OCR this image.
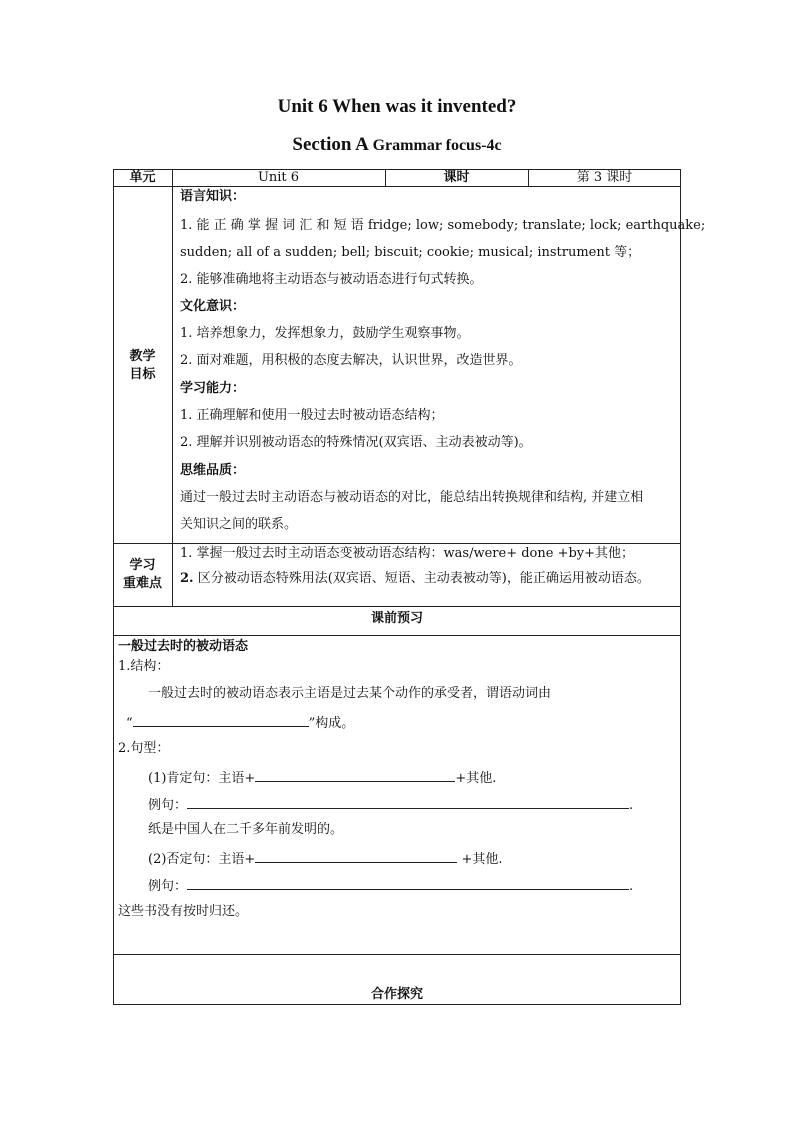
Unit 6 When was it invented?
Section A Grammar focus-4c
单元	Unit 6	课时	第 3 课时
教学
目标
语言知识：
1. 能 正 确 掌 握 词 汇 和 短 语 fridge; low; somebody; translate; lock; earthquake;
sudden; all of a sudden; bell; biscuit; cookie; musical; instrument 等；
2. 能够准确地将主动语态与被动语态进行句式转换。
文化意识：
1. 培养想象力，发挥想象力，鼓励学生观察事物。
2. 面对难题，用积极的态度去解决，认识世界，改造世界。
学习能力：
1. 正确理解和使用一般过去时被动语态结构；
2. 理解并识别被动语态的特殊情况(双宾语、主动表被动等)。
思维品质：
通过一般过去时主动语态与被动语态的对比，能总结出转换规律和结构, 并建立相
关知识之间的联系。
学习
重难点
1. 掌握一般过去时主动语态变被动语态结构：was/were+ done +by+其他；
2. 区分被动语态特殊用法(双宾语、短语、主动表被动等)，能正确运用被动语态。
课前预习
一般过去时的被动语态
1.结构：
一般过去时的被动语态表示主语是过去某个动作的承受者，谓语动词由
“	”构成。
2.句型：
(1)肯定句：主语+	+其他.
例句：	.
纸是中国人在二千多年前发明的。
(2)否定句：主语+	+其他.
例句：	.
这些书没有按时归还。
合作探究
